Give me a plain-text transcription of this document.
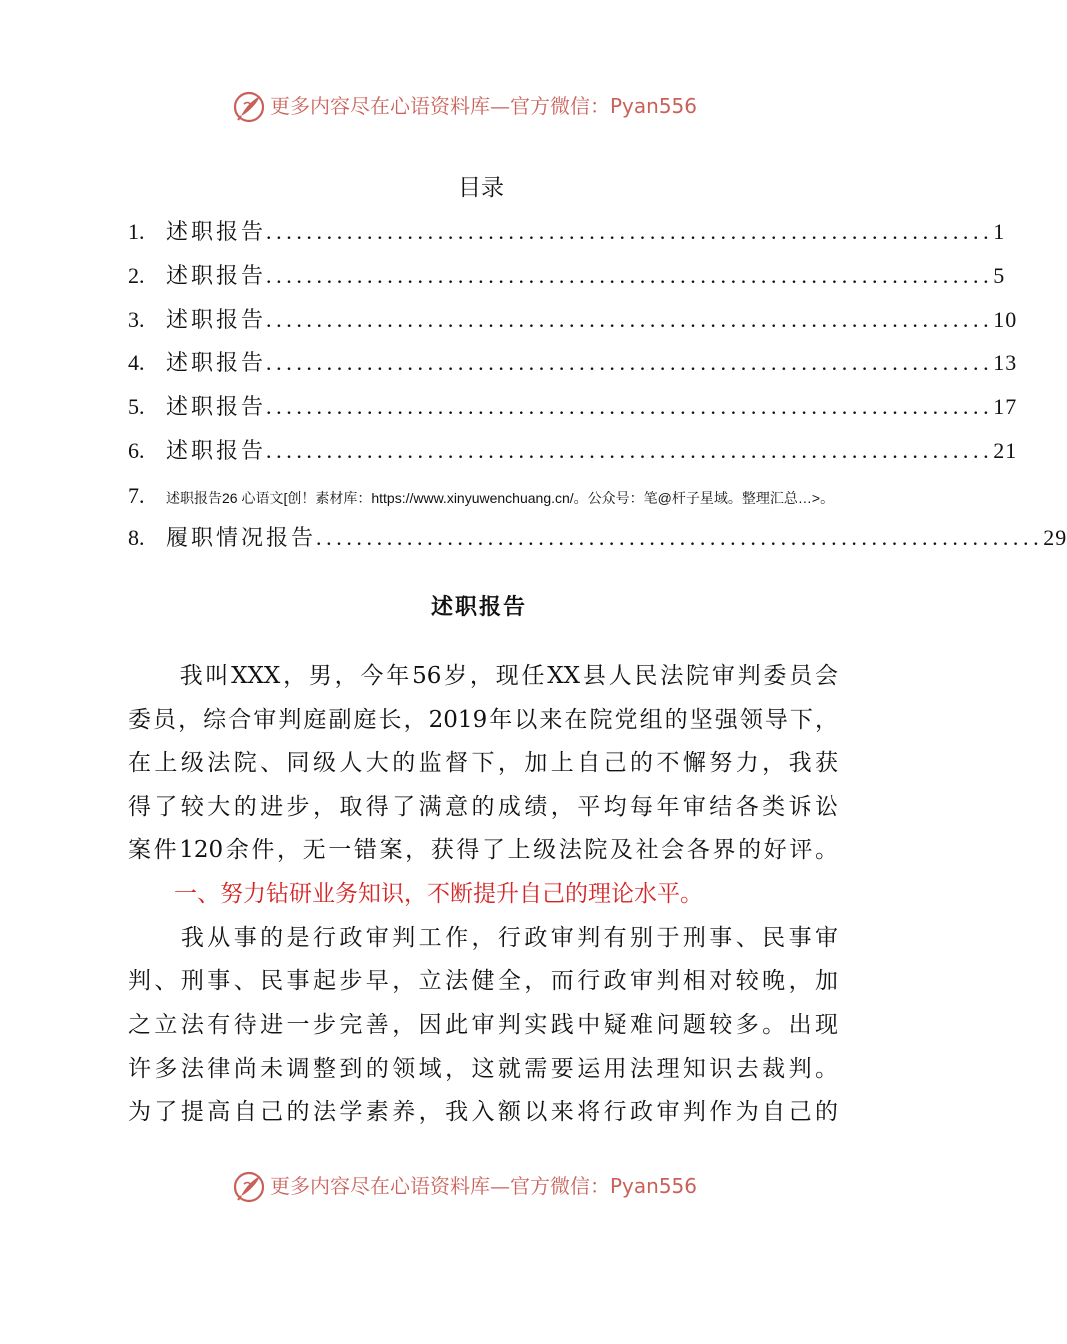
更多内容尽在心语资料库—官方微信：Pyan556
目录
1. 述职报告 ........................................................................ 1
2. 述职报告 ........................................................................ 5
3. 述职报告 ........................................................................ 10
4. 述职报告 ........................................................................ 13
5. 述职报告 ........................................................................ 17
6. 述职报告 ........................................................................ 21
7.	述职报告26 心语文[创！素材库：https://www.xinyuwenchuang.cn/。公众号：笔@杆子星域。整理汇总…>。
8. 履职情况报告 ........................................................................ 29
述职报告
　　我叫XXX，男，今年56岁，现任XX县人民法院审判委员会
委员，综合审判庭副庭长，2019年以来在院党组的坚强领导下，
在上级法院、同级人大的监督下，加上自己的不懈努力，我获
得了较大的进步，取得了满意的成绩，平均每年审结各类诉讼
案件120余件，无一错案，获得了上级法院及社会各界的好评。
　　一、努力钻研业务知识，不断提升自己的理论水平。
　　我从事的是行政审判工作，行政审判有别于刑事、民事审
判、刑事、民事起步早，立法健全，而行政审判相对较晚，加
之立法有待进一步完善，因此审判实践中疑难问题较多。出现
许多法律尚未调整到的领域，这就需要运用法理知识去裁判。
为了提高自己的法学素养，我入额以来将行政审判作为自己的
更多内容尽在心语资料库—官方微信：Pyan556
